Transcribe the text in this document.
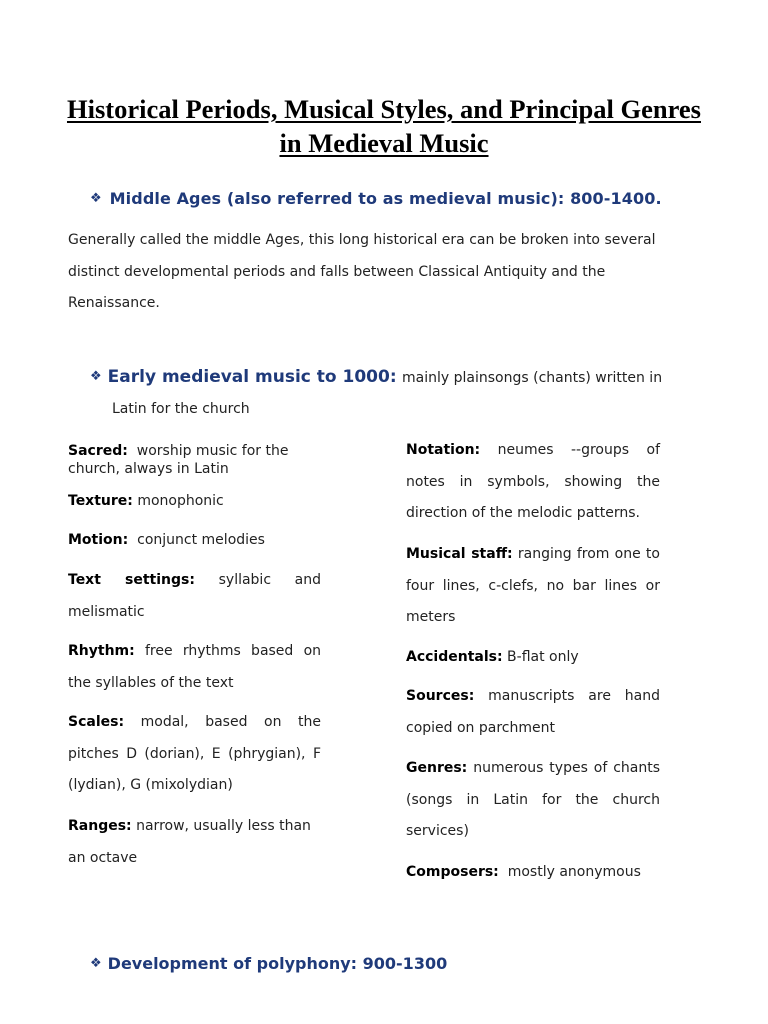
Historical Periods, Musical Styles, and Principal Genres in Medieval Music
❖ Middle Ages (also referred to as medieval music): 800-1400.

Generally called the middle Ages, this long historical era can be broken into several distinct developmental periods and falls between Classical Antiquity and the Renaissance.

❖ Early medieval music to 1000: mainly plainsongs (chants) written in
Latin for the church

Sacred: worship music for the church, always in Latin

Texture: monophonic

Motion: conjunct melodies

Text settings: syllabic and melismatic

Rhythm: free rhythms based on the syllables of the text

Scales: modal, based on the pitches D (dorian), E (phrygian), F (lydian), G (mixolydian)

Ranges: narrow, usually less than an octave

Notation: neumes --groups of notes in symbols, showing the direction of the melodic patterns.

Musical staff: ranging from one to four lines, c-clefs, no bar lines or meters

Accidentals: B-flat only

Sources: manuscripts are hand copied on parchment

Genres: numerous types of chants (songs in Latin for the church services)

Composers: mostly anonymous

❖ Development of polyphony: 900-1300
